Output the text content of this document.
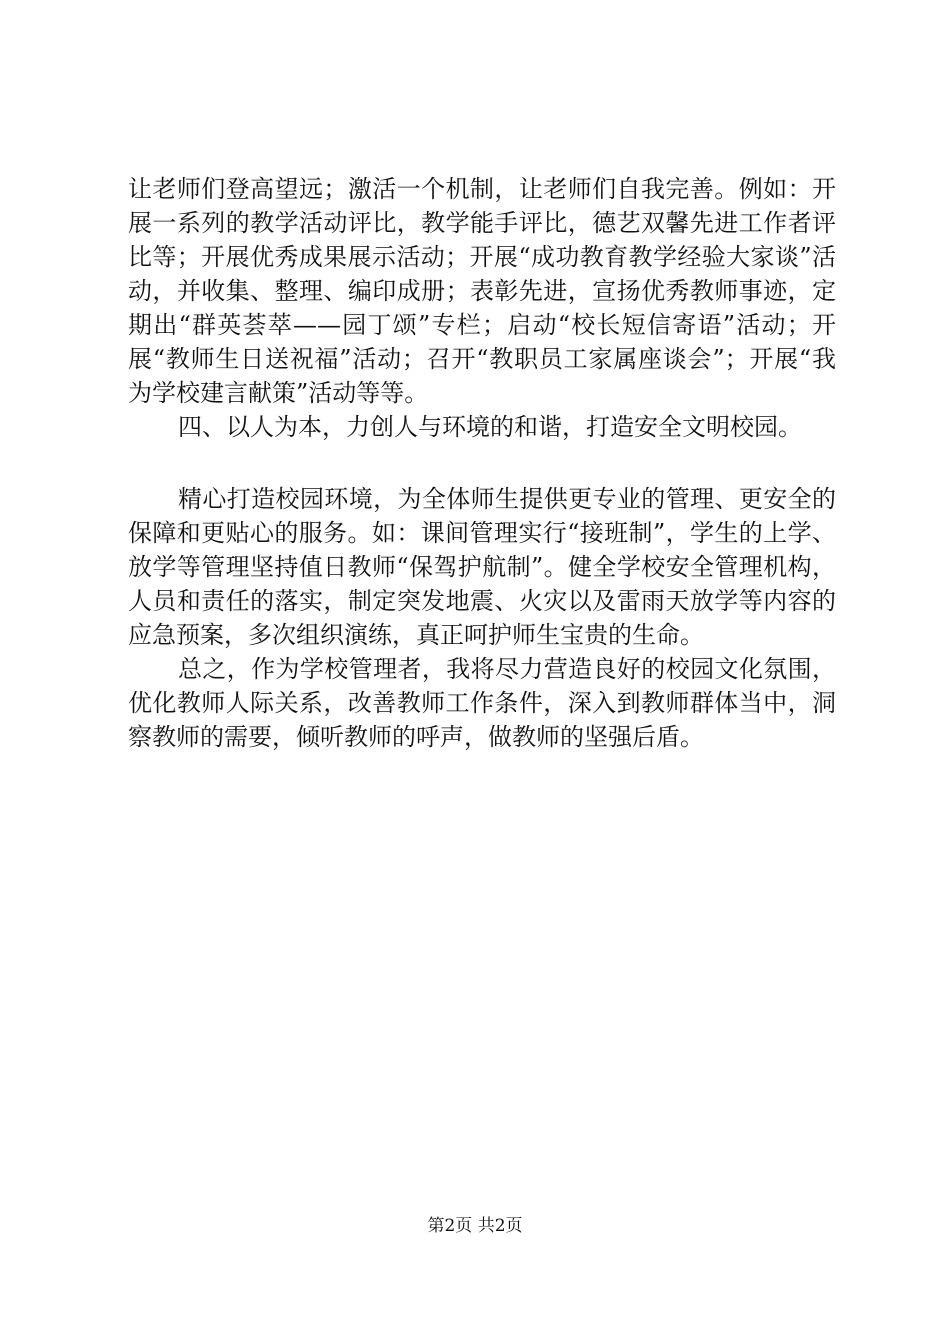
让老师们登高望远；激活一个机制，让老师们自我完善。例如：开展一系列的教学活动评比，教学能手评比，德艺双馨先进工作者评比等；开展优秀成果展示活动；开展“成功教育教学经验大家谈”活动，并收集、整理、编印成册；表彰先进，宣扬优秀教师事迹，定期出“群英荟萃——园丁颂”专栏；启动“校长短信寄语”活动；开展“教师生日送祝福”活动；召开“教职员工家属座谈会”；开展“我为学校建言献策”活动等等。

四、以人为本，力创人与环境的和谐，打造安全文明校园。

精心打造校园环境，为全体师生提供更专业的管理、更安全的保障和更贴心的服务。如：课间管理实行“接班制”，学生的上学、放学等管理坚持值日教师“保驾护航制”。健全学校安全管理机构，人员和责任的落实，制定突发地震、火灾以及雷雨天放学等内容的应急预案，多次组织演练，真正呵护师生宝贵的生命。

总之，作为学校管理者，我将尽力营造良好的校园文化氛围，优化教师人际关系，改善教师工作条件，深入到教师群体当中，洞察教师的需要，倾听教师的呼声，做教师的坚强后盾。

第2页 共2页
